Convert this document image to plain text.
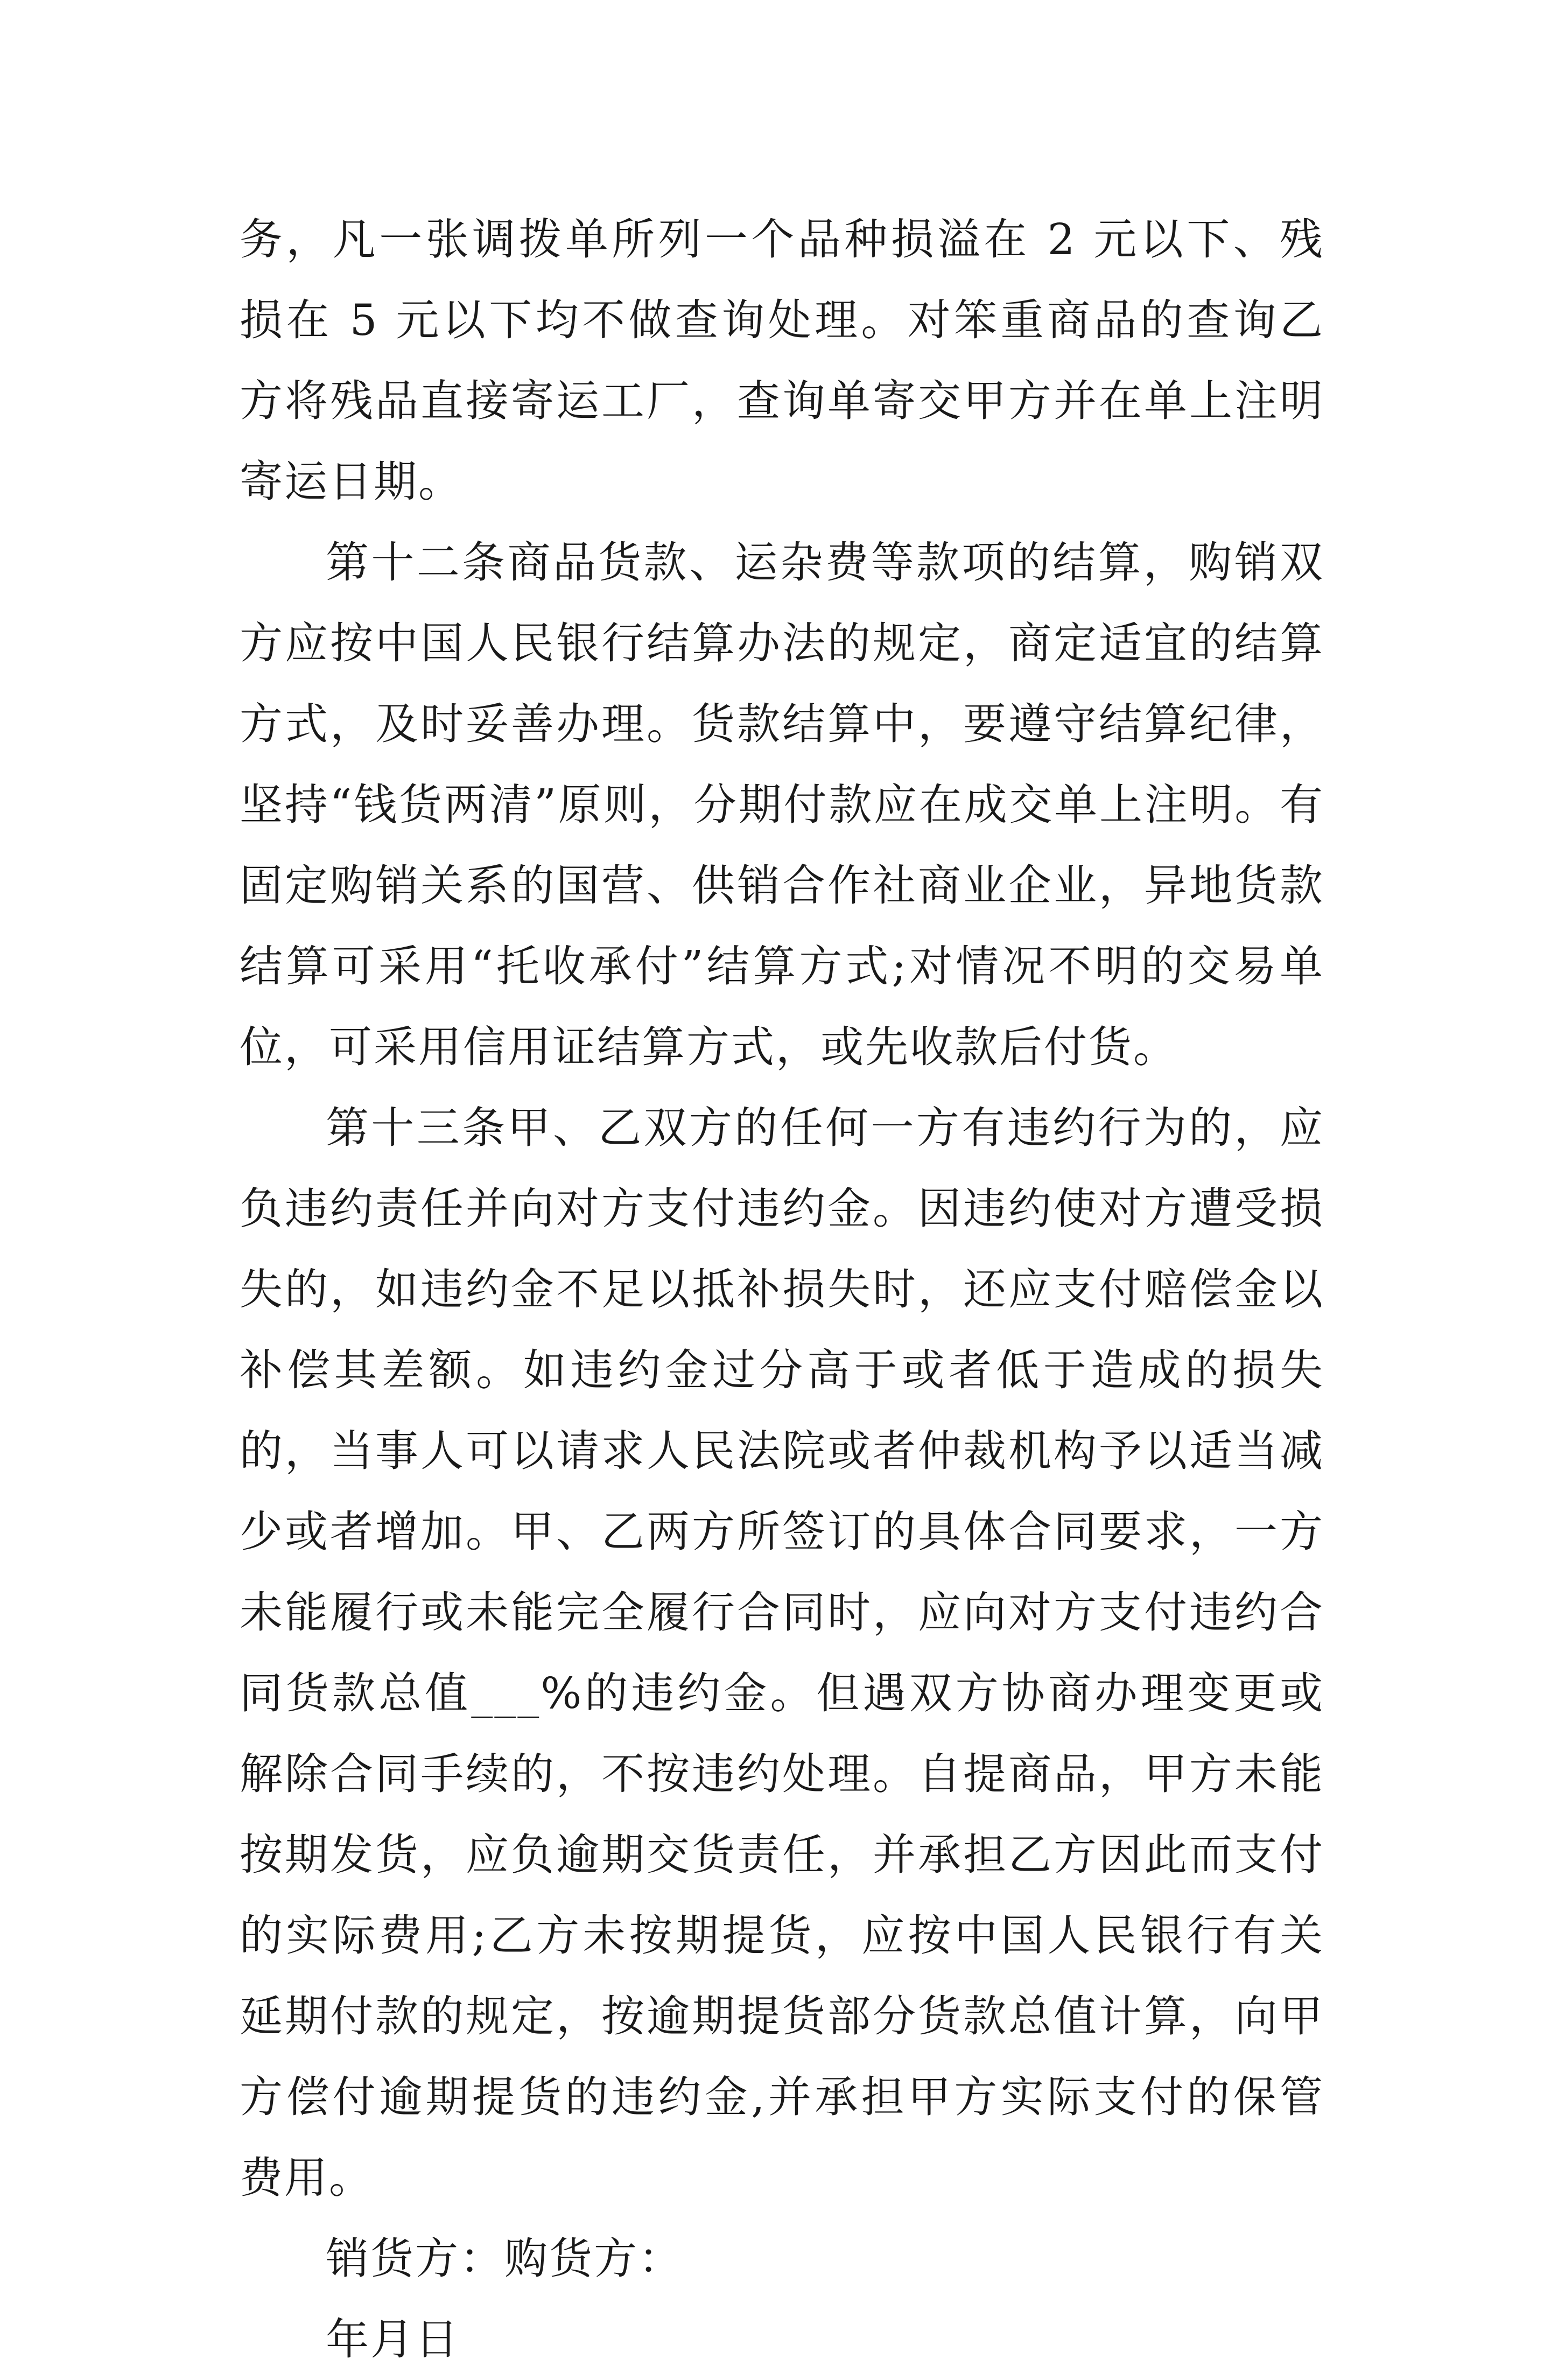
务，凡一张调拨单所列一个品种损溢在 2 元以下、残损在 5 元以下均不做查询处理。对笨重商品的查询乙方将残品直接寄运工厂，查询单寄交甲方并在单上注明寄运日期。

第十二条商品货款、运杂费等款项的结算，购销双方应按中国人民银行结算办法的规定，商定适宜的结算方式，及时妥善办理。货款结算中，要遵守结算纪律，坚持“钱货两清”原则，分期付款应在成交单上注明。有固定购销关系的国营、供销合作社商业企业，异地货款结算可采用“托收承付”结算方式;对情况不明的交易单位，可采用信用证结算方式，或先收款后付货。

第十三条甲、乙双方的任何一方有违约行为的，应负违约责任并向对方支付违约金。因违约使对方遭受损失的，如违约金不足以抵补损失时，还应支付赔偿金以补偿其差额。如违约金过分高于或者低于造成的损失的，当事人可以请求人民法院或者仲裁机构予以适当减少或者增加。甲、乙两方所签订的具体合同要求，一方未能履行或未能完全履行合同时，应向对方支付违约合同货款总值___%的违约金。但遇双方协商办理变更或解除合同手续的，不按违约处理。自提商品，甲方未能按期发货，应负逾期交货责任，并承担乙方因此而支付的实际费用;乙方未按期提货，应按中国人民银行有关延期付款的规定，按逾期提货部分货款总值计算，向甲方偿付逾期提货的违约金,并承担甲方实际支付的保管费用。

销货方：购货方：

年月日
